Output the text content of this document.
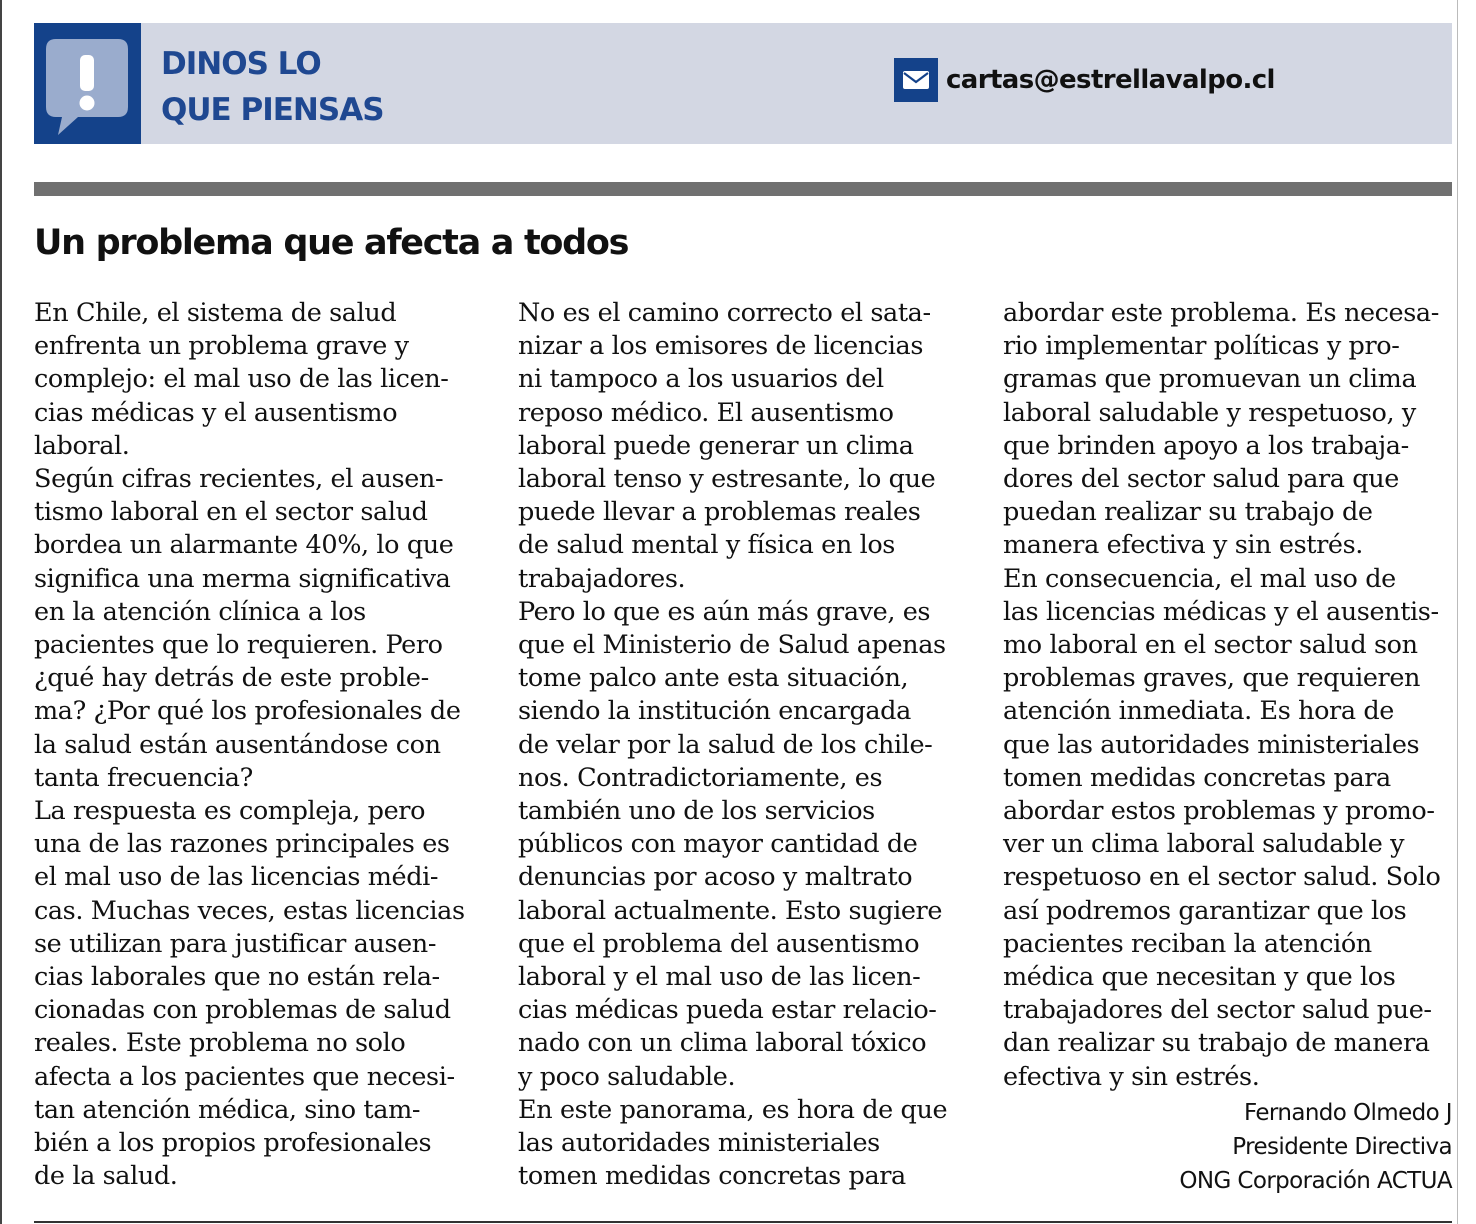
DINOS LO
QUE PIENSAS
cartas@estrellavalpo.cl
Un problema que afecta a todos
En Chile, el sistema de salud
enfrenta un problema grave y
complejo: el mal uso de las licen-
cias médicas y el ausentismo
laboral.
Según cifras recientes, el ausen-
tismo laboral en el sector salud
bordea un alarmante 40%, lo que
significa una merma significativa
en la atención clínica a los
pacientes que lo requieren. Pero
¿qué hay detrás de este proble-
ma? ¿Por qué los profesionales de
la salud están ausentándose con
tanta frecuencia?
La respuesta es compleja, pero
una de las razones principales es
el mal uso de las licencias médi-
cas. Muchas veces, estas licencias
se utilizan para justificar ausen-
cias laborales que no están rela-
cionadas con problemas de salud
reales. Este problema no solo
afecta a los pacientes que necesi-
tan atención médica, sino tam-
bién a los propios profesionales
de la salud.
No es el camino correcto el sata-
nizar a los emisores de licencias
ni tampoco a los usuarios del
reposo médico. El ausentismo
laboral puede generar un clima
laboral tenso y estresante, lo que
puede llevar a problemas reales
de salud mental y física en los
trabajadores.
Pero lo que es aún más grave, es
que el Ministerio de Salud apenas
tome palco ante esta situación,
siendo la institución encargada
de velar por la salud de los chile-
nos. Contradictoriamente, es
también uno de los servicios
públicos con mayor cantidad de
denuncias por acoso y maltrato
laboral actualmente. Esto sugiere
que el problema del ausentismo
laboral y el mal uso de las licen-
cias médicas pueda estar relacio-
nado con un clima laboral tóxico
y poco saludable.
En este panorama, es hora de que
las autoridades ministeriales
tomen medidas concretas para
abordar este problema. Es necesa-
rio implementar políticas y pro-
gramas que promuevan un clima
laboral saludable y respetuoso, y
que brinden apoyo a los trabaja-
dores del sector salud para que
puedan realizar su trabajo de
manera efectiva y sin estrés.
En consecuencia, el mal uso de
las licencias médicas y el ausentis-
mo laboral en el sector salud son
problemas graves, que requieren
atención inmediata. Es hora de
que las autoridades ministeriales
tomen medidas concretas para
abordar estos problemas y promo-
ver un clima laboral saludable y
respetuoso en el sector salud. Solo
así podremos garantizar que los
pacientes reciban la atención
médica que necesitan y que los
trabajadores del sector salud pue-
dan realizar su trabajo de manera
efectiva y sin estrés.
Fernando Olmedo J
Presidente Directiva
ONG Corporación ACTUA
